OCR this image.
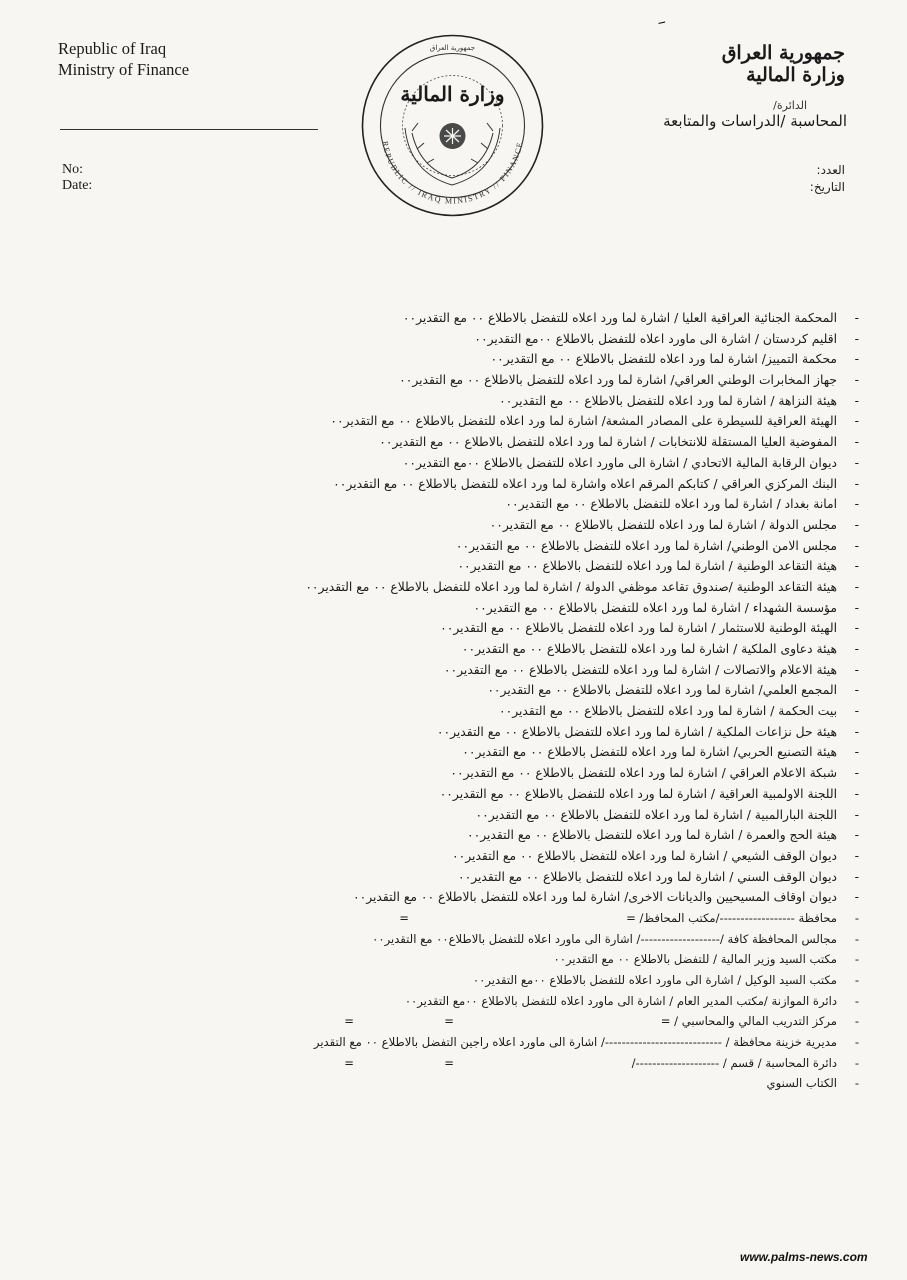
ﹶ
Republic of Iraq
Ministry of Finance
No:
Date:
وزارة المالية
جمهورية العراق
REPUBLIC // IRAQ MINISTRY // FINANCE
جمهورية العراق
وزارة المالية
الدائرة/
المحاسبة /الدراسات والمتابعة
العدد:
التاريخ:
-
المحكمة الجنائية العراقية العليا / اشارة لما ورد اعلاه للتفضل بالاطلاع ٠٠ مع التقدير٠٠
-
اقليم كردستان / اشارة الى ماورد اعلاه للتفضل بالاطلاع ٠٠مع التقدير٠٠
-
محكمة التمييز/ اشارة لما ورد اعلاه للتفضل بالاطلاع ٠٠ مع التقدير٠٠
-
جهاز المخابرات الوطني العراقي/ اشارة لما ورد اعلاه للتفضل بالاطلاع ٠٠ مع التقدير٠٠
-
هيئة النزاهة / اشارة لما ورد اعلاه للتفضل بالاطلاع ٠٠ مع التقدير٠٠
-
الهيئة العراقية للسيطرة على المصادر المشعة/ اشارة لما ورد اعلاه للتفضل بالاطلاع ٠٠ مع التقدير٠٠
-
المفوضية العليا المستقلة للانتخابات / اشارة لما ورد اعلاه للتفضل بالاطلاع ٠٠ مع التقدير٠٠
-
ديوان الرقابة المالية الاتحادي / اشارة الى ماورد اعلاه للتفضل بالاطلاع ٠٠مع التقدير٠٠
-
البنك المركزي العراقي / كتابكم المرقم اعلاه واشارة لما ورد اعلاه للتفضل بالاطلاع ٠٠ مع التقدير٠٠
-
امانة بغداد / اشارة لما ورد اعلاه للتفضل بالاطلاع ٠٠ مع التقدير٠٠
-
مجلس الدولة / اشارة لما ورد اعلاه للتفضل بالاطلاع ٠٠ مع التقدير٠٠
-
مجلس الامن الوطني/ اشارة لما ورد اعلاه للتفضل بالاطلاع ٠٠ مع التقدير٠٠
-
هيئة التقاعد الوطنية / اشارة لما ورد اعلاه للتفضل بالاطلاع ٠٠ مع التقدير٠٠
-
هيئة التقاعد الوطنية /صندوق تقاعد موظفي الدولة / اشارة لما ورد اعلاه للتفضل بالاطلاع ٠٠ مع التقدير٠٠
-
مؤسسة الشهداء / اشارة لما ورد اعلاه للتفضل بالاطلاع ٠٠ مع التقدير٠٠
-
الهيئة الوطنية للاستثمار / اشارة لما ورد اعلاه للتفضل بالاطلاع ٠٠ مع التقدير٠٠
-
هيئة دعاوى الملكية / اشارة لما ورد اعلاه للتفضل بالاطلاع ٠٠ مع التقدير٠٠
-
هيئة الاعلام والاتصالات / اشارة لما ورد اعلاه للتفضل بالاطلاع ٠٠ مع التقدير٠٠
-
المجمع العلمي/ اشارة لما ورد اعلاه للتفضل بالاطلاع ٠٠ مع التقدير٠٠
-
بيت الحكمة / اشارة لما ورد اعلاه للتفضل بالاطلاع ٠٠ مع التقدير٠٠
-
هيئة حل نزاعات الملكية / اشارة لما ورد اعلاه للتفضل بالاطلاع ٠٠ مع التقدير٠٠
-
هيئة التصنيع الحربي/ اشارة لما ورد اعلاه للتفضل بالاطلاع ٠٠ مع التقدير٠٠
-
شبكة الاعلام العراقي / اشارة لما ورد اعلاه للتفضل بالاطلاع ٠٠ مع التقدير٠٠
-
اللجنة الاولمبية العراقية / اشارة لما ورد اعلاه للتفضل بالاطلاع ٠٠ مع التقدير٠٠
-
اللجنة البارالمبية / اشارة لما ورد اعلاه للتفضل بالاطلاع ٠٠ مع التقدير٠٠
-
هيئة الحج والعمرة / اشارة لما ورد اعلاه للتفضل بالاطلاع ٠٠ مع التقدير٠٠
-
ديوان الوقف الشيعي / اشارة لما ورد اعلاه للتفضل بالاطلاع ٠٠ مع التقدير٠٠
-
ديوان الوقف السني / اشارة لما ورد اعلاه للتفضل بالاطلاع ٠٠ مع التقدير٠٠
-
ديوان اوقاف المسيحيين والديانات الاخرى/ اشارة لما ورد اعلاه للتفضل بالاطلاع ٠٠ مع التقدير٠٠
-
محافظة ------------------/مكتب المحافظ/ =
=
-
مجالس المحافظة كافة /-------------------/ اشارة الى ماورد اعلاه للتفضل بالاطلاع٠٠ مع التقدير٠٠
-
مكتب السيد وزير المالية / للتفضل بالاطلاع ٠٠ مع التقدير٠٠
-
مكتب السيد الوكيل / اشارة الى ماورد اعلاه للتفضل بالاطلاع ٠٠مع التقدير٠٠
-
دائرة الموازنة /مكتب المدير العام / اشارة الى ماورد اعلاه للتفضل بالاطلاع ٠٠مع التقدير٠٠
-
مركز التدريب المالي والمحاسبي / =
=
=
-
مديرية خزينة محافظة / ----------------------------/ اشارة الى ماورد اعلاه راجين التفضل بالاطلاع ٠٠ مع التقدير
-
دائرة المحاسبة / قسم / --------------------/
=
=
-
الكتاب السنوي
www.palms-news.com
